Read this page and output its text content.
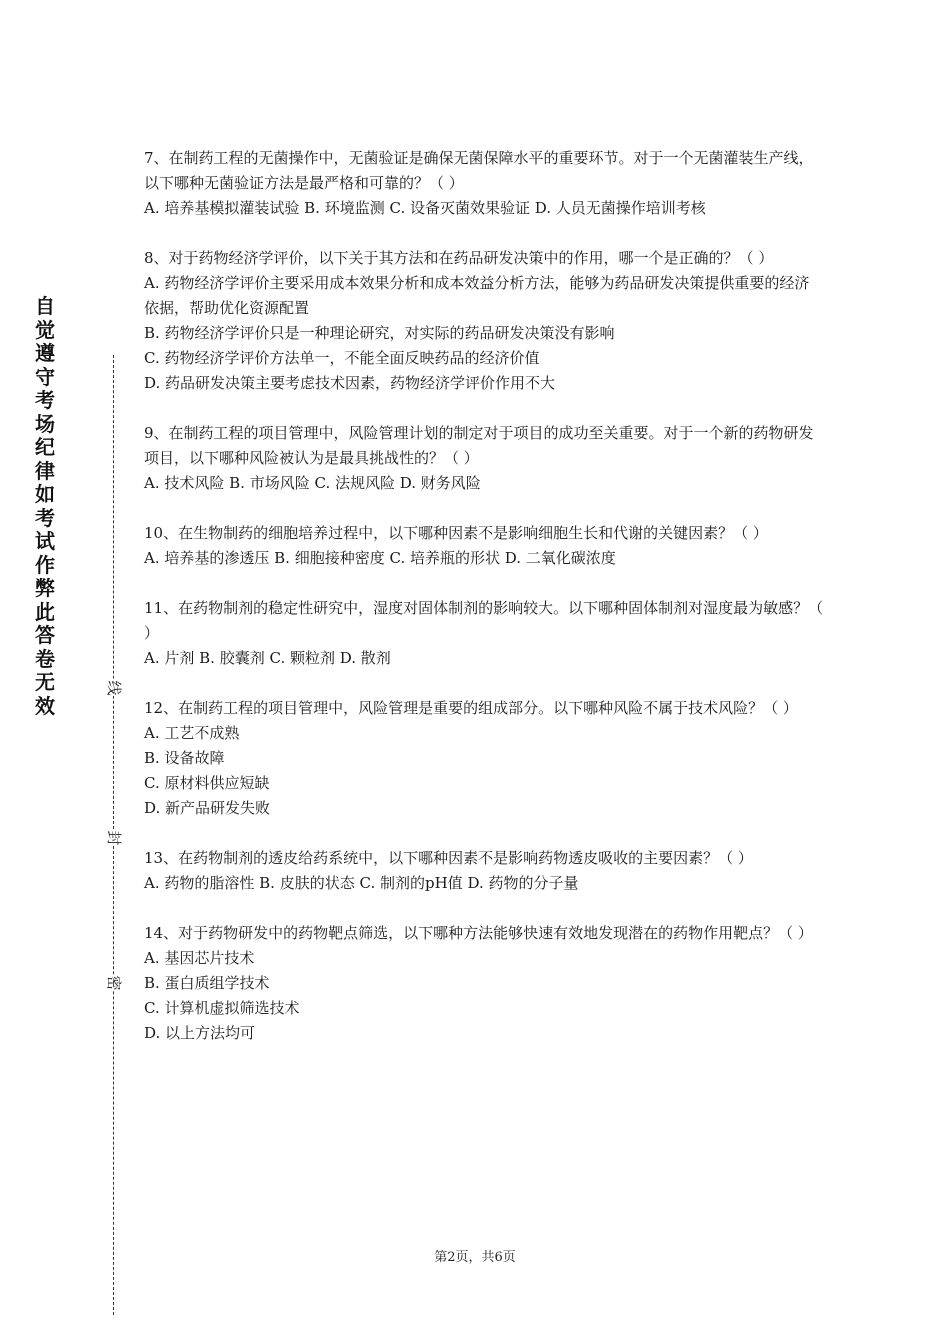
自觉遵守考场纪律如考试作弊此答卷无效
线
封
密

7、在制药工程的无菌操作中，无菌验证是确保无菌保障水平的重要环节。对于一个无菌灌装生产线，以下哪种无菌验证方法是最严格和可靠的？（ ）

A. 培养基模拟灌装试验 B. 环境监测 C. 设备灭菌效果验证 D. 人员无菌操作培训考核

8、对于药物经济学评价，以下关于其方法和在药品研发决策中的作用，哪一个是正确的？（ ）

A. 药物经济学评价主要采用成本效果分析和成本效益分析方法，能够为药品研发决策提供重要的经济依据，帮助优化资源配置

B. 药物经济学评价只是一种理论研究，对实际的药品研发决策没有影响

C. 药物经济学评价方法单一，不能全面反映药品的经济价值

D. 药品研发决策主要考虑技术因素，药物经济学评价作用不大

9、在制药工程的项目管理中，风险管理计划的制定对于项目的成功至关重要。对于一个新的药物研发项目，以下哪种风险被认为是最具挑战性的？（ ）

A. 技术风险 B. 市场风险 C. 法规风险 D. 财务风险

10、在生物制药的细胞培养过程中，以下哪种因素不是影响细胞生长和代谢的关键因素？（ ）

A. 培养基的渗透压 B. 细胞接种密度 C. 培养瓶的形状 D. 二氧化碳浓度

11、在药物制剂的稳定性研究中，湿度对固体制剂的影响较大。以下哪种固体制剂对湿度最为敏感？（ ）

A. 片剂 B. 胶囊剂 C. 颗粒剂 D. 散剂

12、在制药工程的项目管理中，风险管理是重要的组成部分。以下哪种风险不属于技术风险？（ ）

A. 工艺不成熟

B. 设备故障

C. 原材料供应短缺

D. 新产品研发失败

13、在药物制剂的透皮给药系统中，以下哪种因素不是影响药物透皮吸收的主要因素？（ ）

A. 药物的脂溶性 B. 皮肤的状态 C. 制剂的pH值 D. 药物的分子量

14、对于药物研发中的药物靶点筛选，以下哪种方法能够快速有效地发现潜在的药物作用靶点？（ ）

A. 基因芯片技术

B. 蛋白质组学技术

C. 计算机虚拟筛选技术

D. 以上方法均可

第2页，共6页
